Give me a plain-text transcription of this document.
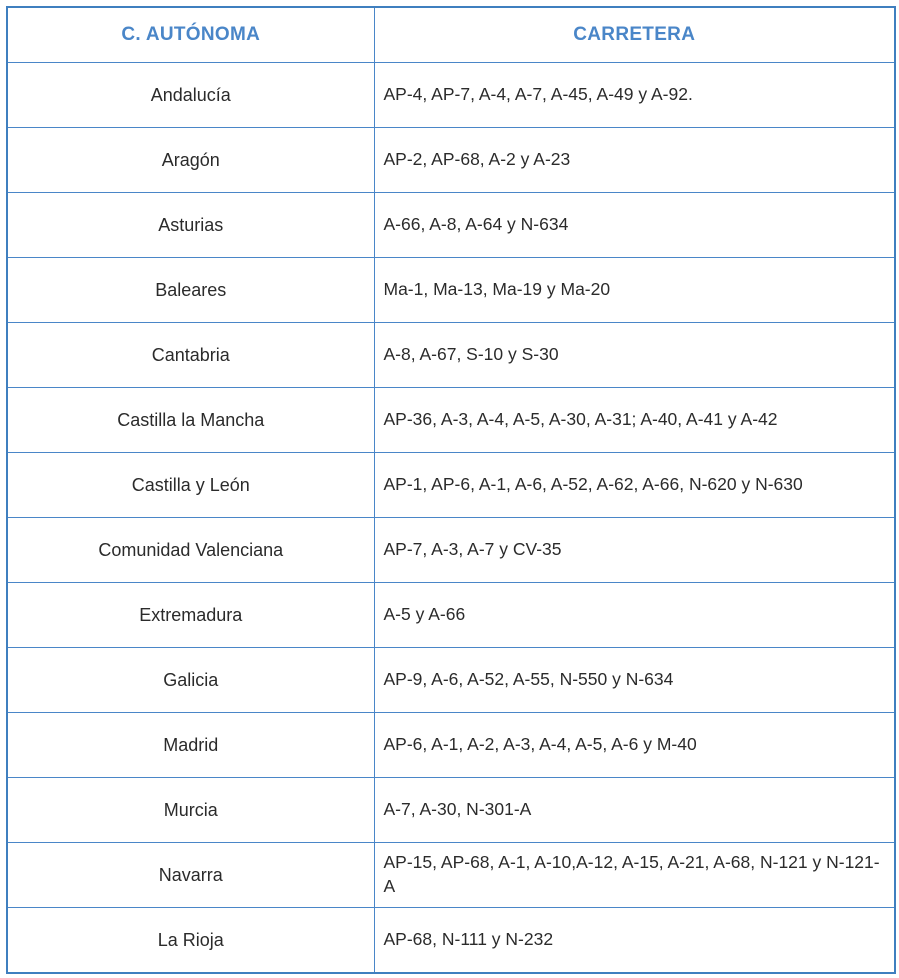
C. AUTÓNOMA	CARRETERA
Andalucía	AP-4, AP-7, A-4, A-7, A-45, A-49 y A-92.
Aragón	AP-2, AP-68, A-2 y A-23
Asturias	A-66, A-8, A-64 y N-634
Baleares	Ma-1, Ma-13, Ma-19 y Ma-20
Cantabria	A-8, A-67, S-10 y S-30
Castilla la Mancha	AP-36, A-3, A-4, A-5, A-30, A-31; A-40, A-41 y A-42
Castilla y León	AP-1, AP-6, A-1, A-6, A-52, A-62, A-66, N-620 y N-630
Comunidad Valenciana	AP-7, A-3, A-7 y CV-35
Extremadura	A-5 y A-66
Galicia	AP-9, A-6, A-52, A-55, N-550 y N-634
Madrid	AP-6, A-1, A-2, A-3, A-4, A-5, A-6 y M-40
Murcia	A-7, A-30, N-301-A
Navarra	AP-15, AP-68, A-1, A-10,A-12, A-15, A-21, A-68, N-121 y N-121-A
La Rioja	AP-68, N-111 y N-232
